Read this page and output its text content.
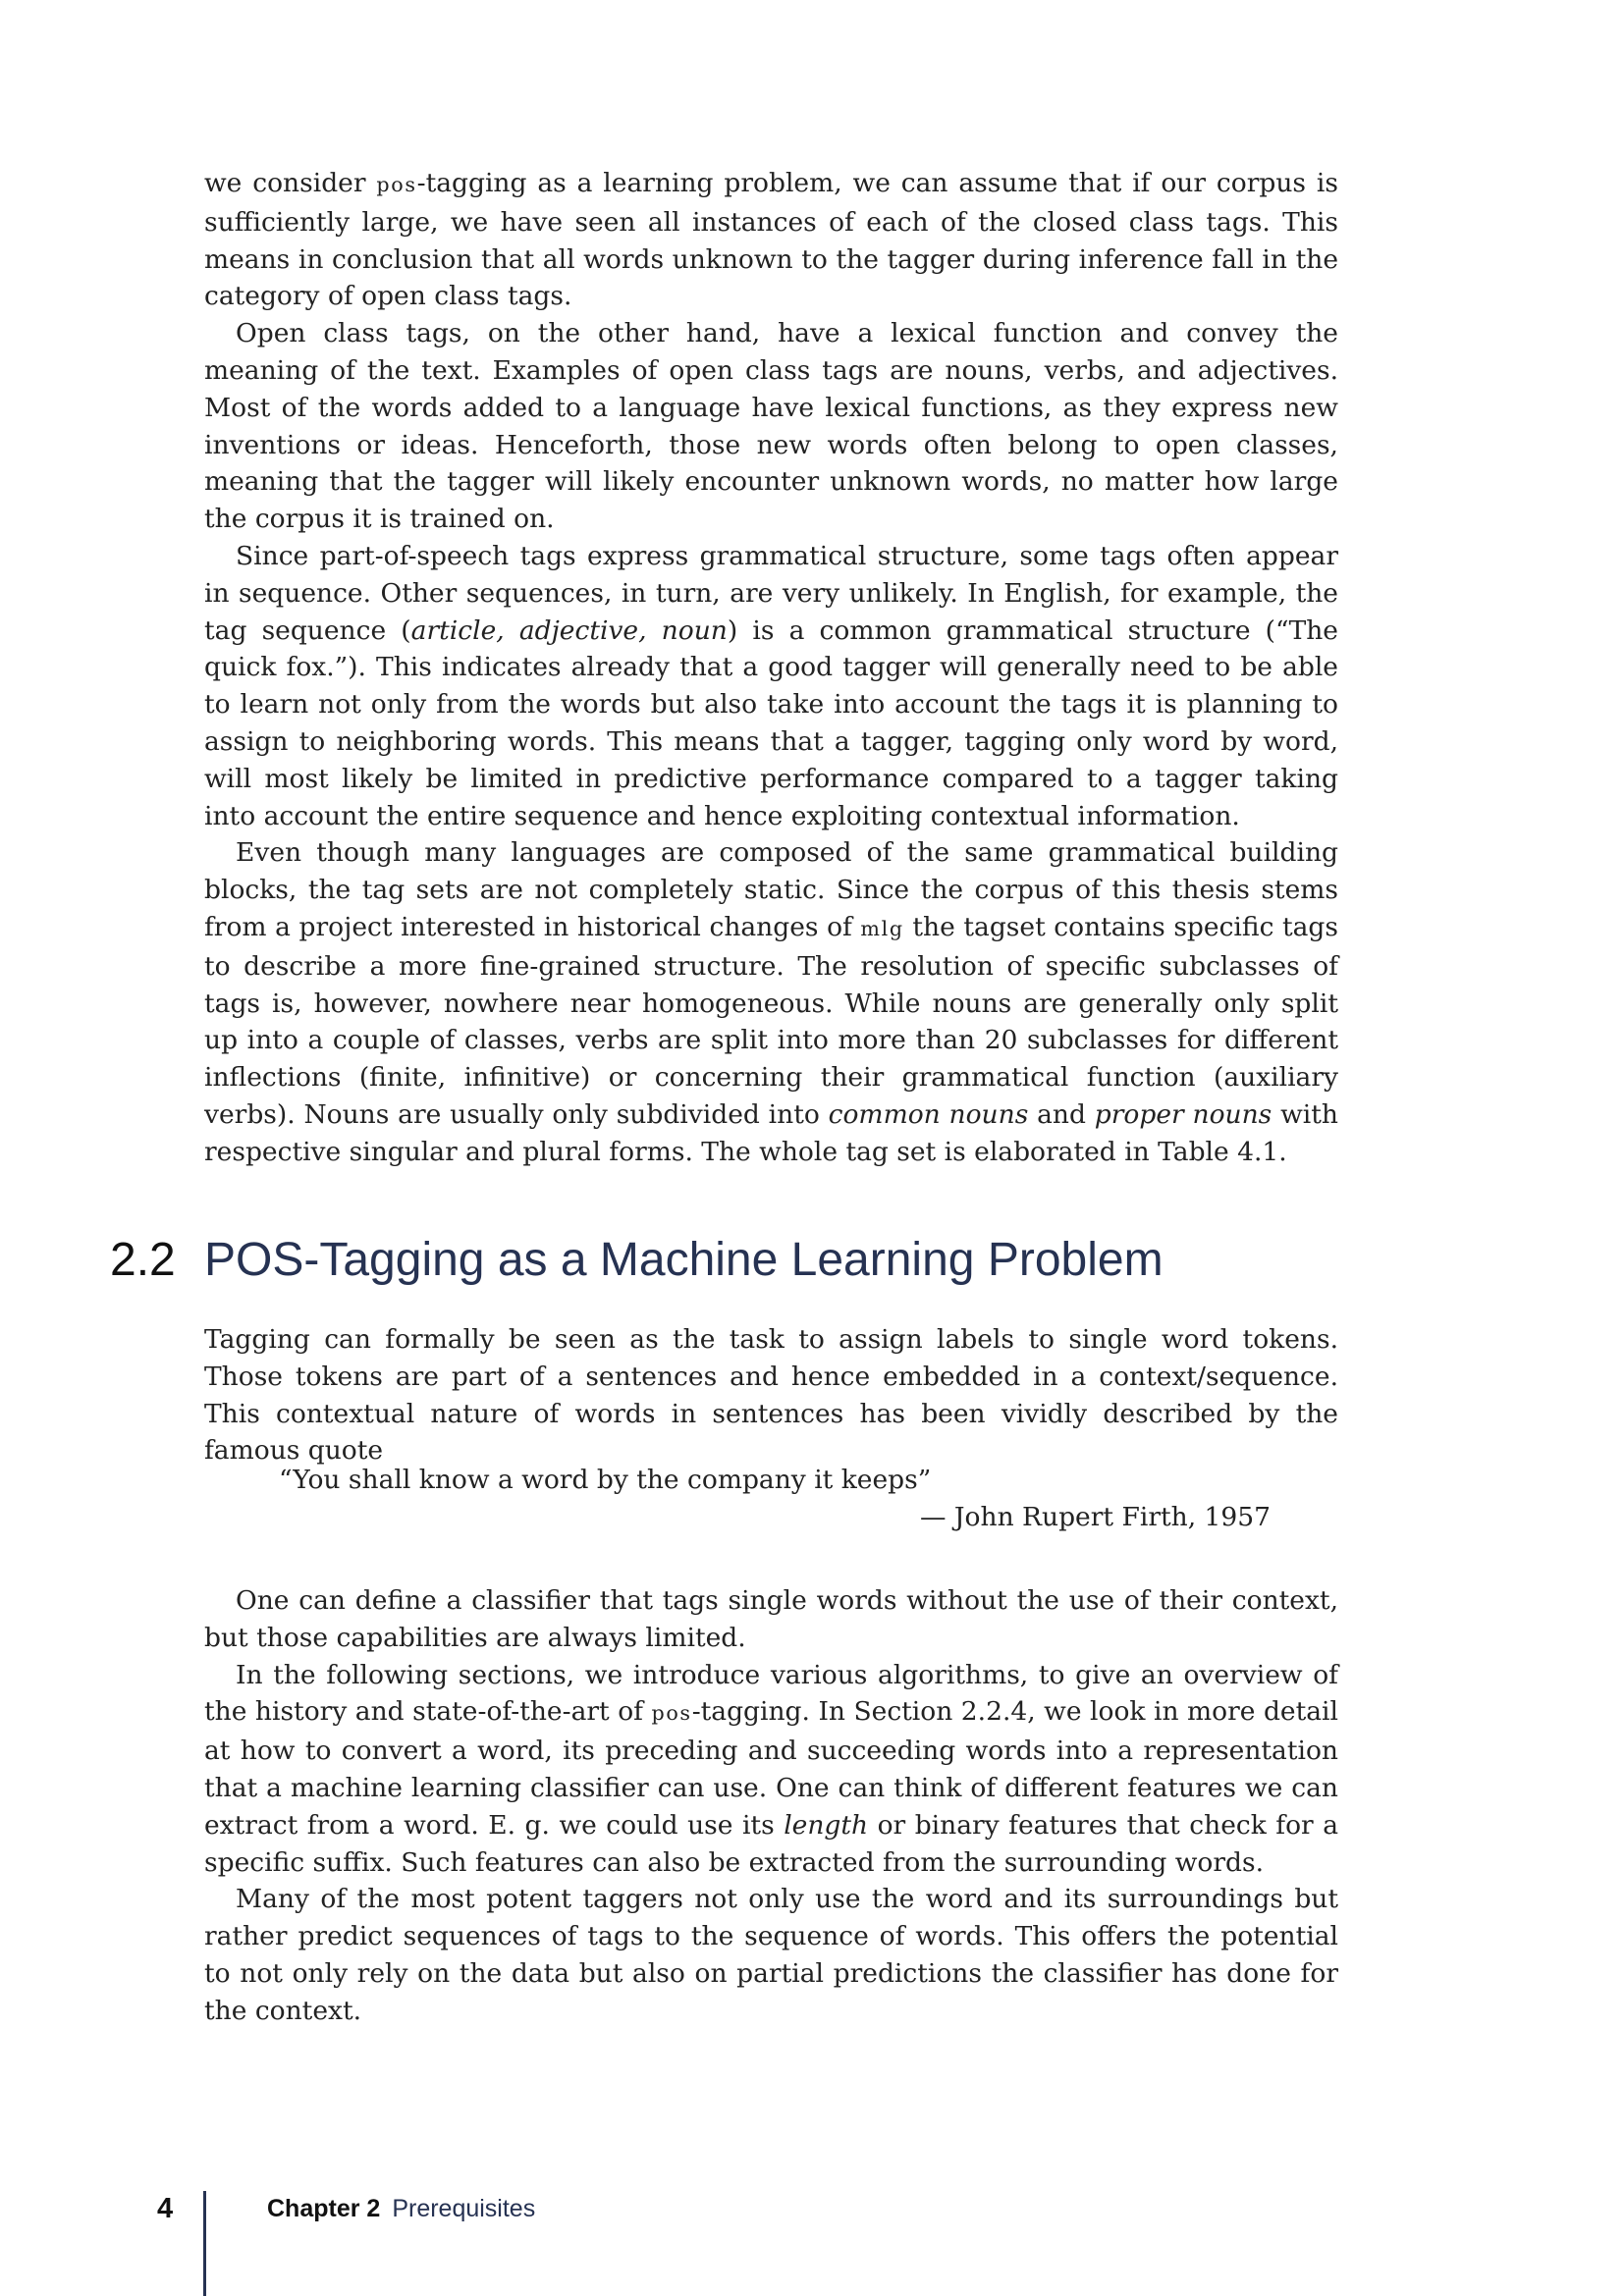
we consider pos-tagging as a learning problem, we can assume that if our corpus is sufficiently large, we have seen all instances of each of the closed class tags. This means in conclusion that all words unknown to the tagger during inference fall in the category of open class tags.

Open class tags, on the other hand, have a lexical function and convey the meaning of the text. Examples of open class tags are nouns, verbs, and adjectives. Most of the words added to a language have lexical functions, as they express new inventions or ideas. Henceforth, those new words often belong to open classes, meaning that the tagger will likely encounter unknown words, no matter how large the corpus it is trained on.

Since part-of-speech tags express grammatical structure, some tags often appear in sequence. Other sequences, in turn, are very unlikely. In English, for example, the tag sequence (article, adjective, noun) is a common grammatical structure (“The quick fox.”). This indicates already that a good tagger will generally need to be able to learn not only from the words but also take into account the tags it is planning to assign to neighboring words. This means that a tagger, tagging only word by word, will most likely be limited in predictive performance compared to a tagger taking into account the entire sequence and hence exploiting contextual information.

Even though many languages are composed of the same grammatical building blocks, the tag sets are not completely static. Since the corpus of this thesis stems from a project interested in historical changes of mlg the tagset contains specific tags to describe a more fine-grained structure. The resolution of specific subclasses of tags is, however, nowhere near homogeneous. While nouns are generally only split up into a couple of classes, verbs are split into more than 20 subclasses for different inflections (finite, infinitive) or concerning their grammatical function (auxiliary verbs). Nouns are usually only subdivided into common nouns and proper nouns with respective singular and plural forms. The whole tag set is elaborated in Table 4.1.

2.2 POS-Tagging as a Machine Learning Problem

Tagging can formally be seen as the task to assign labels to single word tokens. Those tokens are part of a sentences and hence embedded in a context/sequence. This contextual nature of words in sentences has been vividly described by the famous quote

“You shall know a word by the company it keeps”
— John Rupert Firth, 1957

One can define a classifier that tags single words without the use of their context, but those capabilities are always limited.

In the following sections, we introduce various algorithms, to give an overview of the history and state-of-the-art of pos-tagging. In Section 2.2.4, we look in more detail at how to convert a word, its preceding and succeeding words into a representation that a machine learning classifier can use. One can think of different features we can extract from a word. E. g. we could use its length or binary features that check for a specific suffix. Such features can also be extracted from the surrounding words.

Many of the most potent taggers not only use the word and its surroundings but rather predict sequences of tags to the sequence of words. This offers the potential to not only rely on the data but also on partial predictions the classifier has done for the context.

4	Chapter 2 Prerequisites
